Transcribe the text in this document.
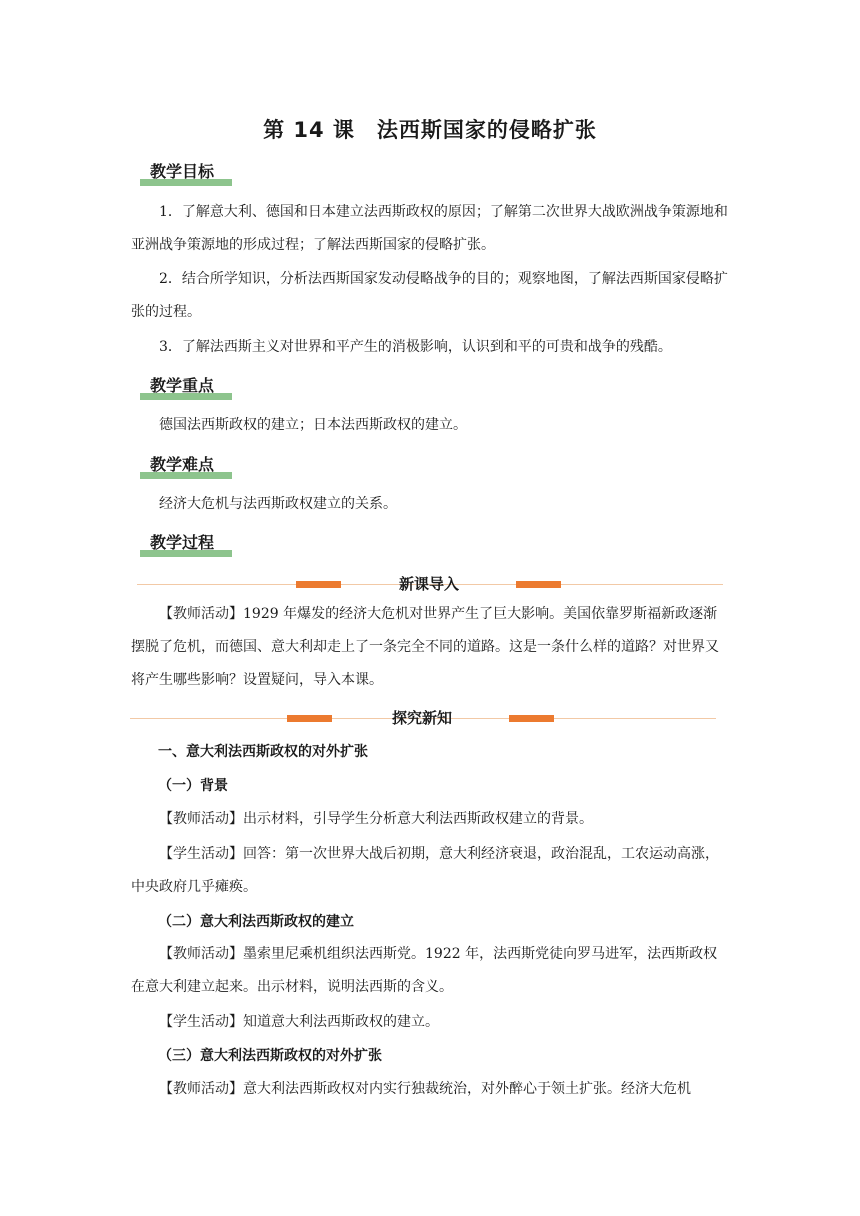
第 14 课　法西斯国家的侵略扩张
教学目标
1．了解意大利、德国和日本建立法西斯政权的原因；了解第二次世界大战欧洲战争策源地和亚洲战争策源地的形成过程；了解法西斯国家的侵略扩张。
2．结合所学知识，分析法西斯国家发动侵略战争的目的；观察地图，了解法西斯国家侵略扩张的过程。
3．了解法西斯主义对世界和平产生的消极影响，认识到和平的可贵和战争的残酷。
教学重点
德国法西斯政权的建立；日本法西斯政权的建立。
教学难点
经济大危机与法西斯政权建立的关系。
教学过程
新课导入
【教师活动】1929 年爆发的经济大危机对世界产生了巨大影响。美国依靠罗斯福新政逐渐摆脱了危机，而德国、意大利却走上了一条完全不同的道路。这是一条什么样的道路？对世界又将产生哪些影响？设置疑问，导入本课。
探究新知
一、意大利法西斯政权的对外扩张
（一）背景
【教师活动】出示材料，引导学生分析意大利法西斯政权建立的背景。
【学生活动】回答：第一次世界大战后初期，意大利经济衰退，政治混乱，工农运动高涨，中央政府几乎瘫痪。
（二）意大利法西斯政权的建立
【教师活动】墨索里尼乘机组织法西斯党。1922 年，法西斯党徒向罗马进军，法西斯政权在意大利建立起来。出示材料，说明法西斯的含义。
【学生活动】知道意大利法西斯政权的建立。
（三）意大利法西斯政权的对外扩张
【教师活动】意大利法西斯政权对内实行独裁统治，对外醉心于领土扩张。经济大危机
